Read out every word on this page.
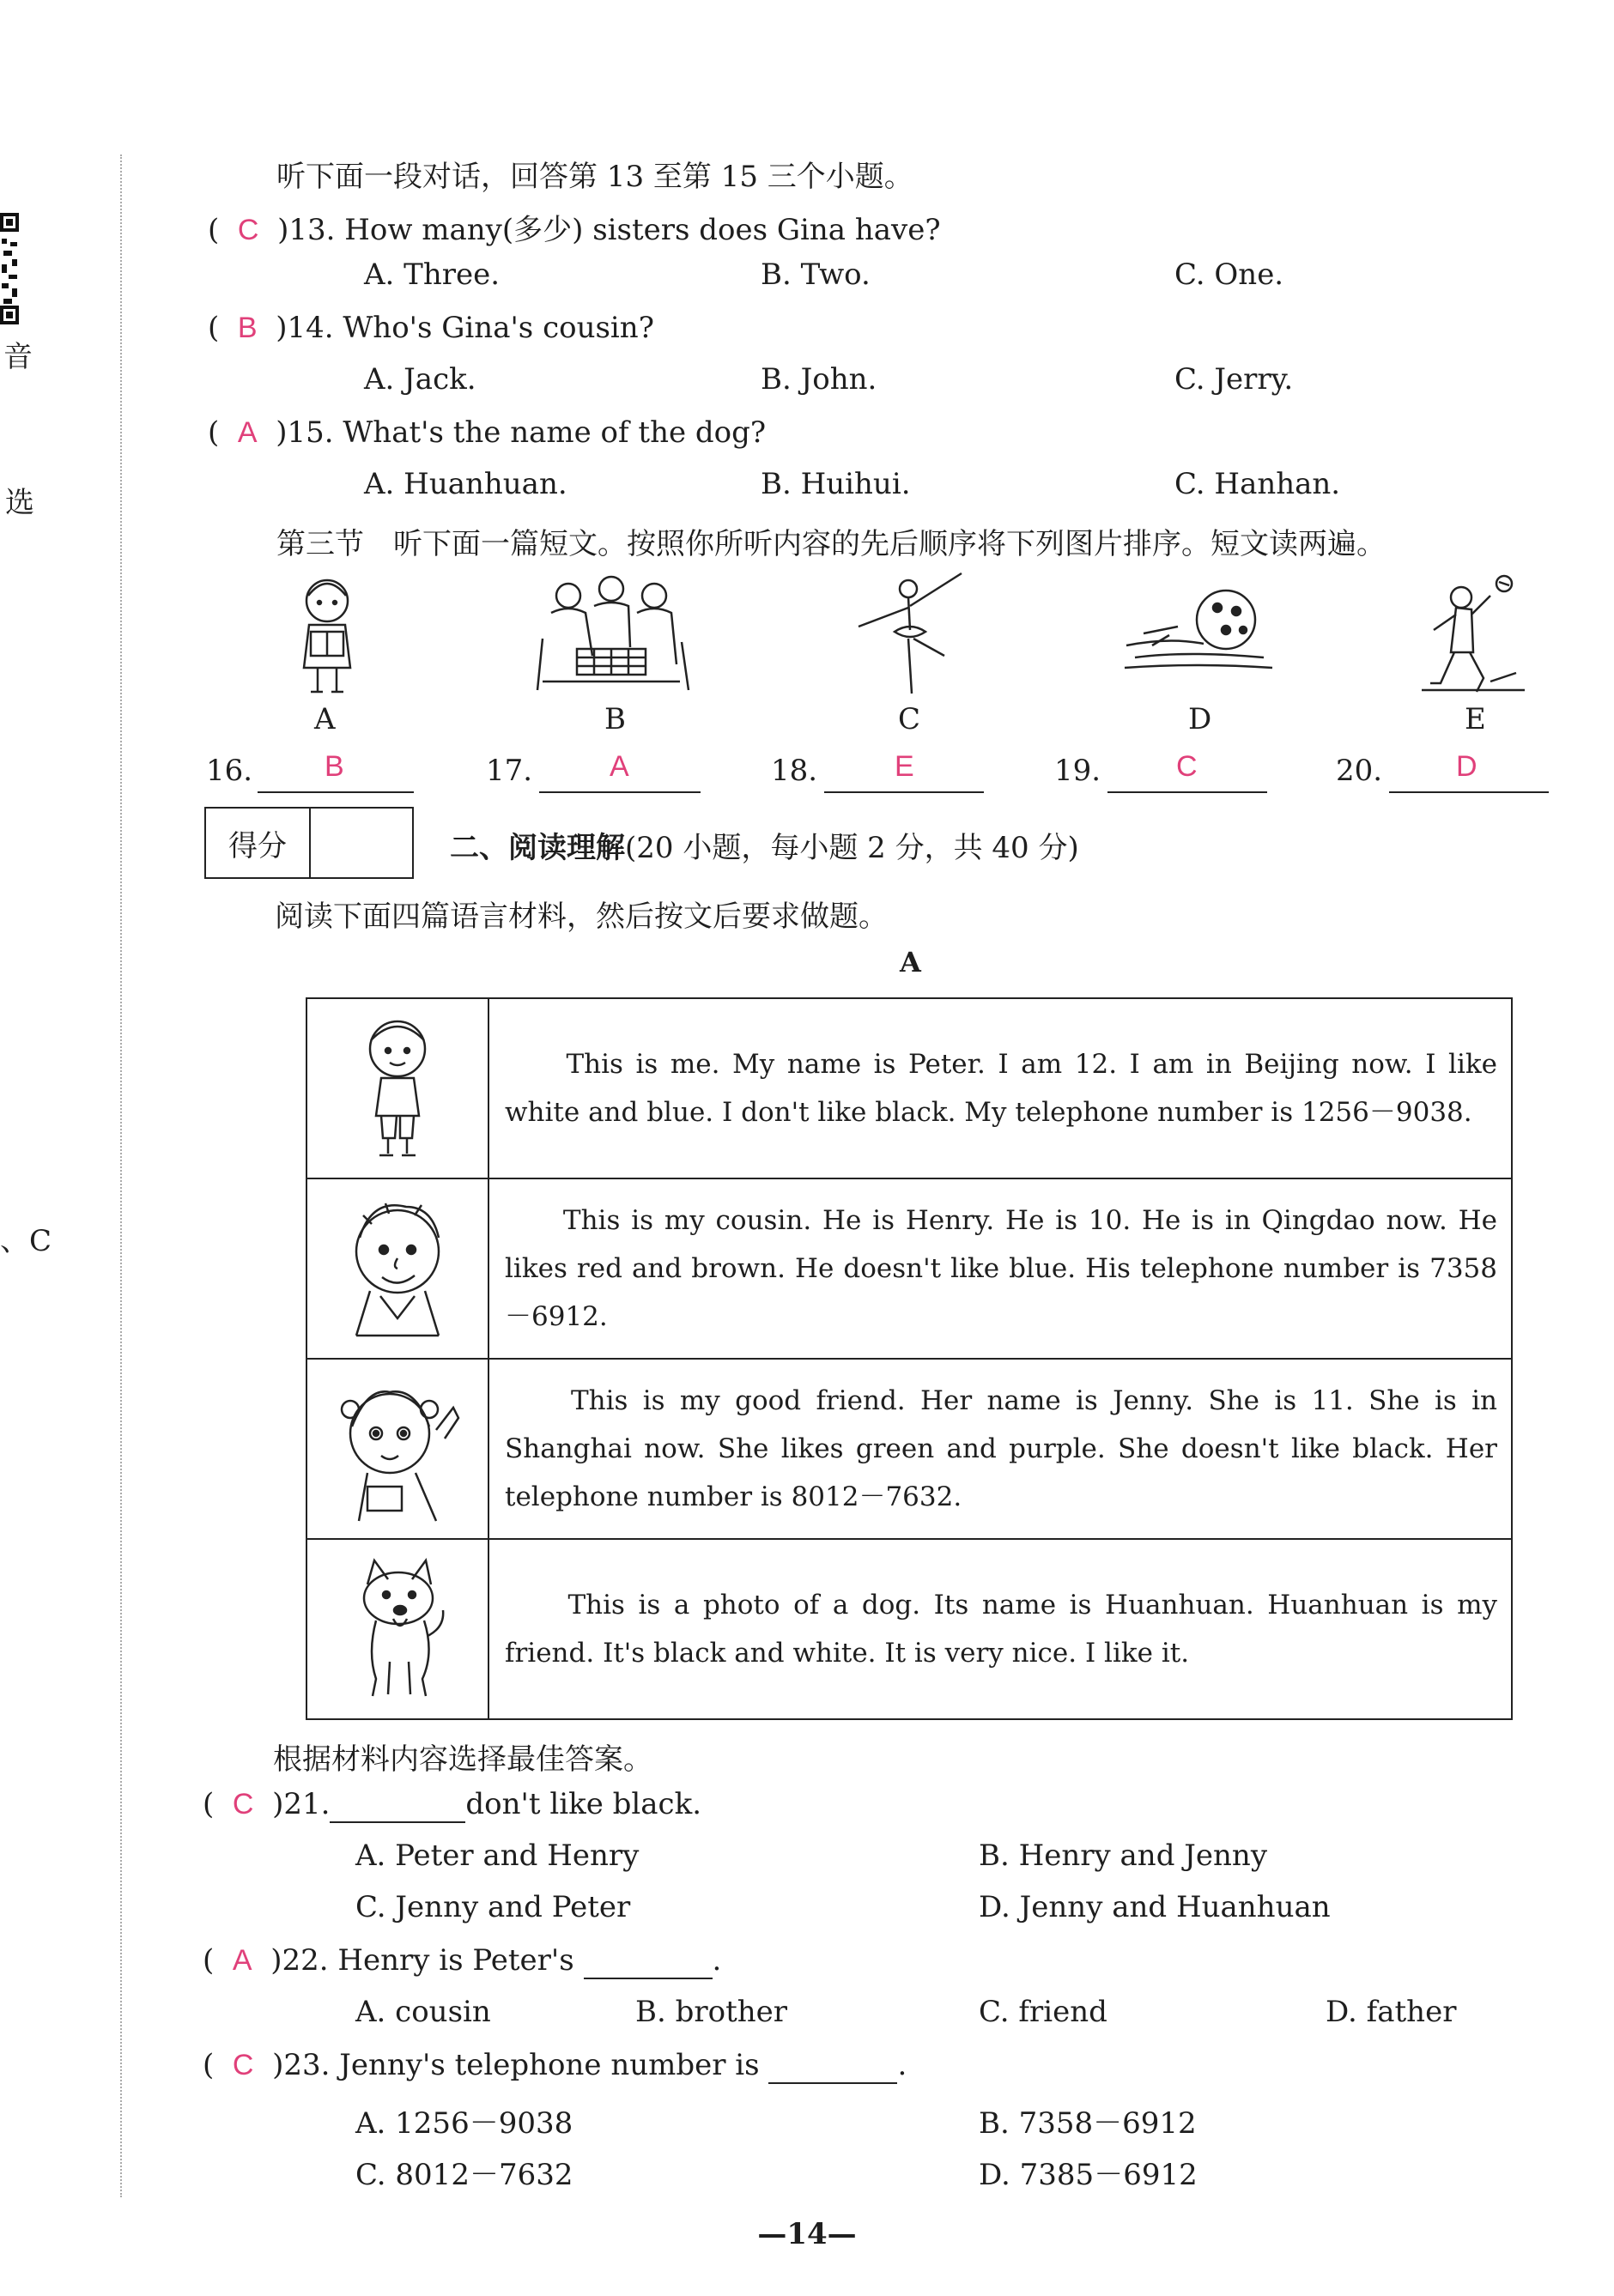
音
选
、C
听下面一段对话，回答第 13 至第 15 三个小题。
(  C )13. How many(多少) sisters does Gina have?
A. Three.	B. Two.	C. One.
(  B )14. Who's Gina's cousin?
A. Jack.	B. John.	C. Jerry.
(  A )15. What's the name of the dog?
A. Huanhuan.	B. Huihui.	C. Hanhan.
第三节　听下面一篇短文。按照你所听内容的先后顺序将下列图片排序。短文读两遍。
A	B	C	D	E
16. B	17.	A	18.	E	19.	C	20.	D
得分	二、阅读理解(20 小题，每小题 2 分，共 40 分)
阅读下面四篇语言材料，然后按文后要求做题。
A
	　　This is me. My name is Peter. I am 12. I am in Beijing now. I like white and blue. I don't like black. My telephone number is 1256－9038.
	　　This is my cousin. He is Henry. He is 10. He is in Qingdao now. He likes red and brown. He doesn't like blue. His telephone number is 7358－6912.
	　　This is my good friend. Her name is Jenny. She is 11. She is in Shanghai now. She likes green and purple. She doesn't like black. Her telephone number is 8012－7632.
	　　This is a photo of a dog. Its name is Huanhuan. Huanhuan is my friend. It's black and white. It is very nice. I like it.
根据材料内容选择最佳答案。
(  C )21.	don't like black.
A. Peter and Henry	B. Henry and Jenny
C. Jenny and Peter	D. Jenny and Huanhuan
(  A )22. Henry is Peter's	.
A. cousin	B. brother	C. friend	D. father
(  C )23. Jenny's telephone number is	.
A. 1256－9038	B. 7358－6912
C. 8012－7632	D. 7385－6912
—14—
